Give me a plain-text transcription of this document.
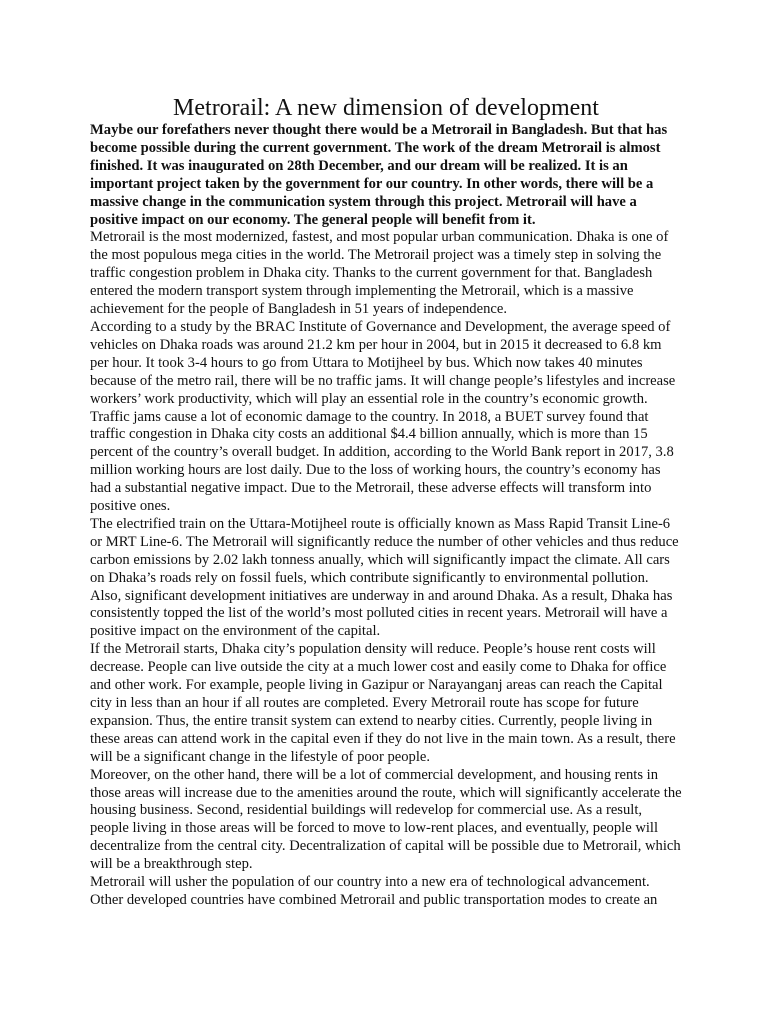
Metrorail: A new dimension of development

Maybe our forefathers never thought there would be a Metrorail in Bangladesh. But that has become possible during the current government. The work of the dream Metrorail is almost finished. It was inaugurated on 28th December, and our dream will be realized. It is an important project taken by the government for our country. In other words, there will be a massive change in the communication system through this project. Metrorail will have a positive impact on our economy. The general people will benefit from it.

Metrorail is the most modernized, fastest, and most popular urban communication. Dhaka is one of the most populous mega cities in the world. The Metrorail project was a timely step in solving the traffic congestion problem in Dhaka city. Thanks to the current government for that. Bangladesh entered the modern transport system through implementing the Metrorail, which is a massive achievement for the people of Bangladesh in 51 years of independence.

According to a study by the BRAC Institute of Governance and Development, the average speed of vehicles on Dhaka roads was around 21.2 km per hour in 2004, but in 2015 it decreased to 6.8 km per hour. It took 3-4 hours to go from Uttara to Motijheel by bus. Which now takes 40 minutes because of the metro rail, there will be no traffic jams. It will change people’s lifestyles and increase workers’ work productivity, which will play an essential role in the country’s economic growth.

Traffic jams cause a lot of economic damage to the country. In 2018, a BUET survey found that traffic congestion in Dhaka city costs an additional $4.4 billion annually, which is more than 15 percent of the country’s overall budget. In addition, according to the World Bank report in 2017, 3.8 million working hours are lost daily. Due to the loss of working hours, the country’s economy has had a substantial negative impact. Due to the Metrorail, these adverse effects will transform into positive ones.

The electrified train on the Uttara-Motijheel route is officially known as Mass Rapid Transit Line-6 or MRT Line-6. The Metrorail will significantly reduce the number of other vehicles and thus reduce carbon emissions by 2.02 lakh tonness anually, which will significantly impact the climate. All cars on Dhaka’s roads rely on fossil fuels, which contribute significantly to environmental pollution. Also, significant development initiatives are underway in and around Dhaka. As a result, Dhaka has consistently topped the list of the world’s most polluted cities in recent years. Metrorail will have a positive impact on the environment of the capital.

If the Metrorail starts, Dhaka city’s population density will reduce. People’s house rent costs will decrease. People can live outside the city at a much lower cost and easily come to Dhaka for office and other work. For example, people living in Gazipur or Narayanganj areas can reach the Capital city in less than an hour if all routes are completed. Every Metrorail route has scope for future expansion. Thus, the entire transit system can extend to nearby cities. Currently, people living in these areas can attend work in the capital even if they do not live in the main town. As a result, there will be a significant change in the lifestyle of poor people.

Moreover, on the other hand, there will be a lot of commercial development, and housing rents in those areas will increase due to the amenities around the route, which will significantly accelerate the housing business. Second, residential buildings will redevelop for commercial use. As a result, people living in those areas will be forced to move to low-rent places, and eventually, people will decentralize from the central city. Decentralization of capital will be possible due to Metrorail, which will be a breakthrough step.

Metrorail will usher the population of our country into a new era of technological advancement. Other developed countries have combined Metrorail and public transportation modes to create an
